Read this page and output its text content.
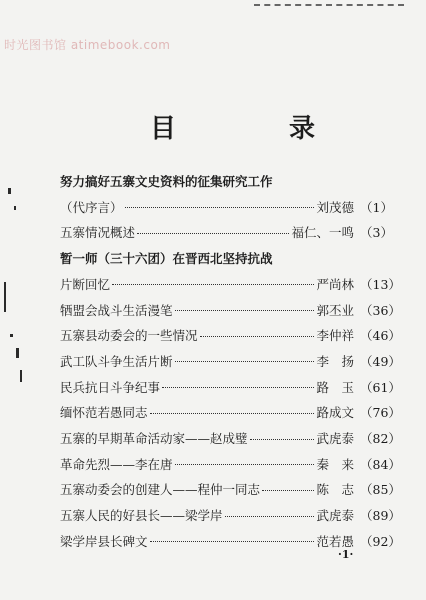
时光图书馆 atimebook.com
目 录
努力搞好五寨文史资料的征集研究工作
（代序言）	刘茂德 （1）
五寨情况概述	福仁、一鸣 （3）
暂一师（三十六团）在晋西北坚持抗战
片断回忆	严尚林 （13）
牺盟会战斗生活漫笔	郭丕业 （36）
五寨县动委会的一些情况	李仲祥 （46）
武工队斗争生活片断	李　扬 （49）
民兵抗日斗争纪事	路　玉 （61）
缅怀范若愚同志	路成文 （76）
五寨的早期革命活动家——赵成璧	武虎泰 （82）
革命先烈——李在唐	秦　来 （84）
五寨动委会的创建人——程仲一同志	陈　志 （85）
五寨人民的好县长——梁学岸	武虎泰 （89）
梁学岸县长碑文	范若愚 （92）
·1·
